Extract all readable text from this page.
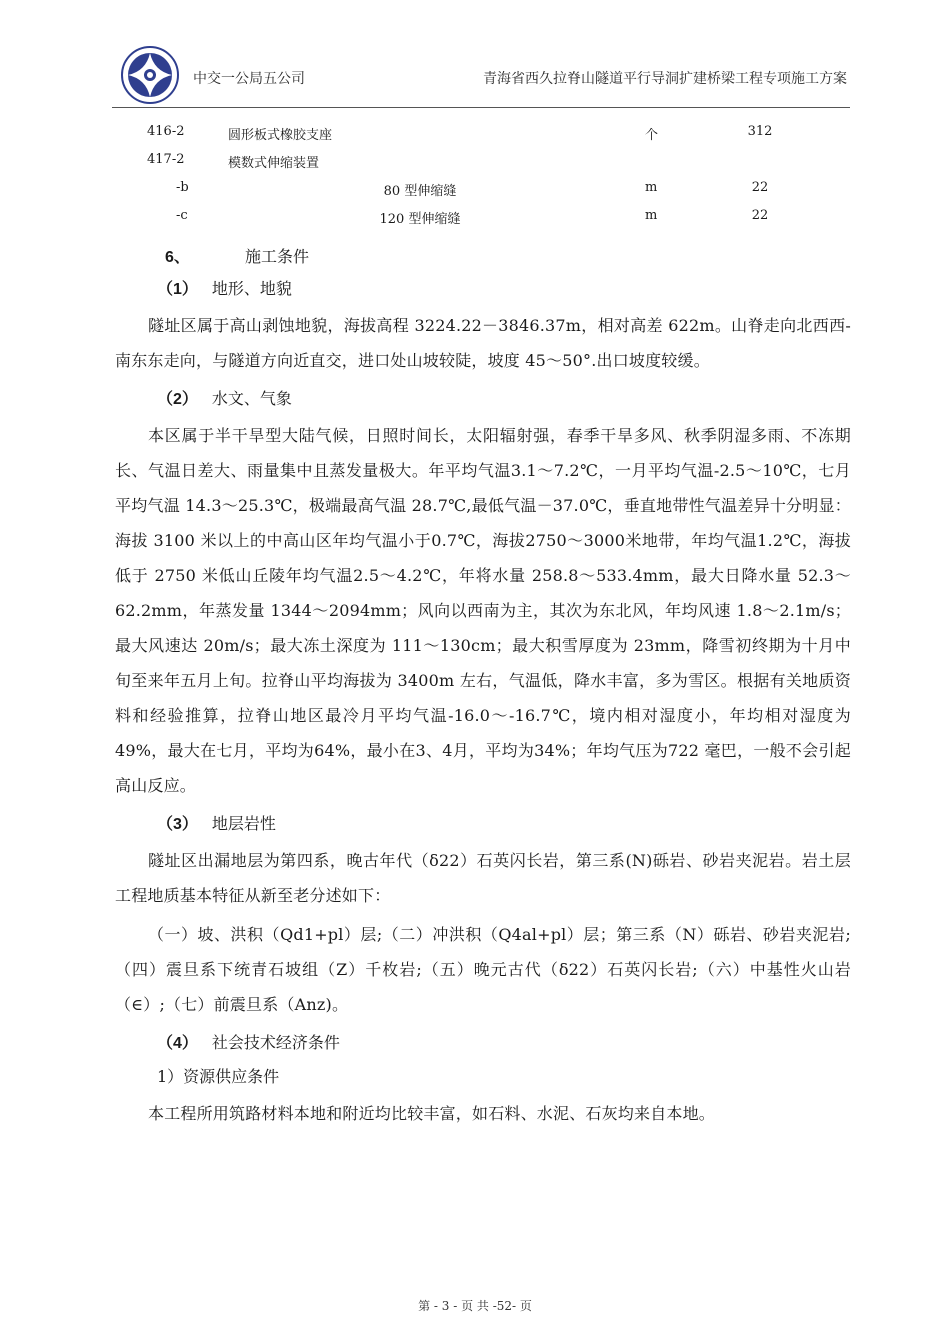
中交一公局五公司	青海省西久拉脊山隧道平行导洞扩建桥梁工程专项施工方案
416-2	圆形板式橡胶支座	个	312
417-2	模数式伸缩装置
-b	80 型伸缩缝	m	22
-c	120 型伸缩缝	m	22
6、	施工条件
（1） 地形、地貌

隧址区属于高山剥蚀地貌，海拔高程 3224.22－3846.37m，相对高差 622m。山脊走向北西西-南东东走向，与隧道方向近直交，进口处山坡较陡，坡度 45～50°.出口坡度较缓。

（2） 水文、气象

本区属于半干旱型大陆气候，日照时间长，太阳辐射强，春季干旱多风、秋季阴湿多雨、不冻期长、气温日差大、雨量集中且蒸发量极大。年平均气温3.1～7.2℃，一月平均气温-2.5～10℃，七月平均气温 14.3～25.3℃，极端最高气温 28.7℃,最低气温－37.0℃，垂直地带性气温差异十分明显：海拔 3100 米以上的中高山区年均气温小于0.7℃，海拔2750～3000米地带，年均气温1.2℃，海拔低于 2750 米低山丘陵年均气温2.5～4.2℃，年将水量 258.8～533.4mm，最大日降水量 52.3～62.2mm，年蒸发量 1344～2094mm；风向以西南为主，其次为东北风，年均风速 1.8～2.1m/s；最大风速达 20m/s；最大冻土深度为 111～130cm；最大积雪厚度为 23mm，降雪初终期为十月中旬至来年五月上旬。拉脊山平均海拔为 3400m 左右，气温低，降水丰富，多为雪区。根据有关地质资料和经验推算，拉脊山地区最冷月平均气温-16.0～-16.7℃，境内相对湿度小，年均相对湿度为49%，最大在七月，平均为64%，最小在3、4月，平均为34%；年均气压为722 毫巴，一般不会引起高山反应。

（3） 地层岩性

隧址区出漏地层为第四系，晚古年代（δ22）石英闪长岩，第三系(N)砾岩、砂岩夹泥岩。岩土层工程地质基本特征从新至老分述如下：

（一）坡、洪积（Qd1+pl）层;（二）冲洪积（Q4al+pl）层；第三系（N）砾岩、砂岩夹泥岩;（四）震旦系下统青石坡组（Z）千枚岩;（五）晚元古代（δ22）石英闪长岩;（六）中基性火山岩（∈）;（七）前震旦系（Anz)。

（4） 社会技术经济条件
1）资源供应条件

本工程所用筑路材料本地和附近均比较丰富，如石料、水泥、石灰均来自本地。

第 - 3 - 页 共 -52- 页
